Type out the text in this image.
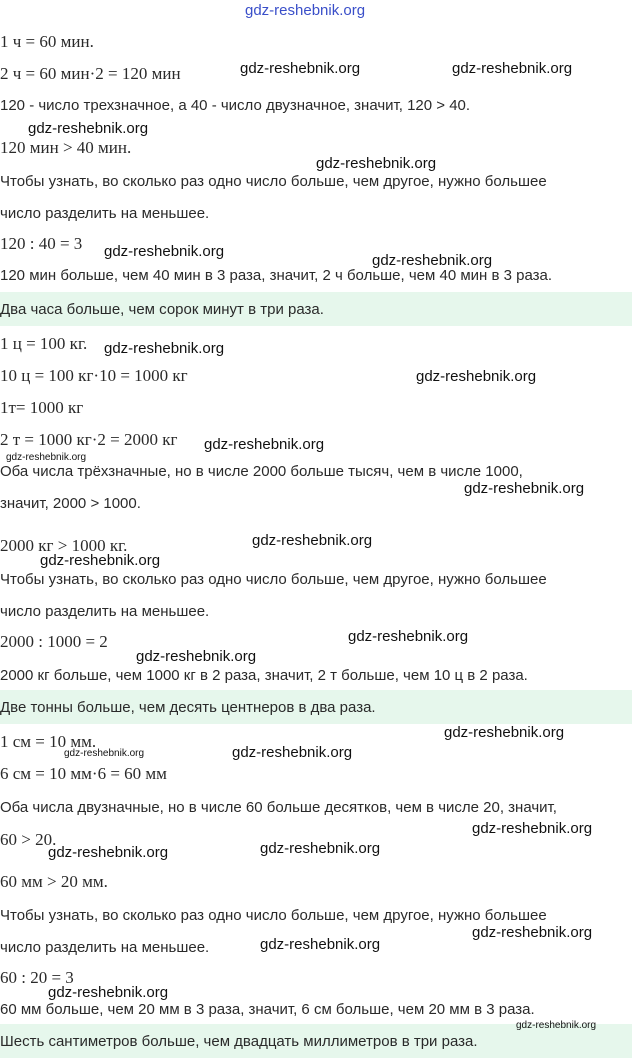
gdz-reshebnik.org
1 ч = 60 мин.
2 ч = 60 мин·2 = 120 мин
120 - число трехзначное, а 40 - число двузначное, значит, 120 > 40.
120 мин > 40 мин.
Чтобы узнать, во сколько раз одно число больше, чем другое, нужно большее
число разделить на меньшее.
120 : 40 = 3
120 мин больше, чем 40 мин в 3 раза, значит, 2 ч больше, чем 40 мин в 3 раза.
Два часа больше, чем сорок минут в три раза.
1 ц = 100 кг.
10 ц = 100 кг·10 = 1000 кг
1т= 1000 кг
2 т = 1000 кг·2 = 2000 кг
Оба числа трёхзначные, но в числе 2000 больше тысяч, чем в числе 1000,
значит, 2000 > 1000.
2000 кг > 1000 кг.
Чтобы узнать, во сколько раз одно число больше, чем другое, нужно большее
число разделить на меньшее.
2000 : 1000 = 2
2000 кг больше, чем 1000 кг в 2 раза, значит, 2 т больше, чем 10 ц в 2 раза.
Две тонны больше, чем десять центнеров в два раза.
1 см = 10 мм.
6 см = 10 мм·6 = 60 мм
Оба числа двузначные, но в числе 60 больше десятков, чем в числе 20, значит,
60 > 20.
60 мм > 20 мм.
Чтобы узнать, во сколько раз одно число больше, чем другое, нужно большее
число разделить на меньшее.
60 : 20 = 3
60 мм больше, чем 20 мм в 3 раза, значит, 6 см больше, чем 20 мм в 3 раза.
Шесть сантиметров больше, чем двадцать миллиметров в три раза.
gdz-reshebnik.org	gdz-reshebnik.org
gdz-reshebnik.org
gdz-reshebnik.org
gdz-reshebnik.org
gdz-reshebnik.org
gdz-reshebnik.org
gdz-reshebnik.org
gdz-reshebnik.org
gdz-reshebnik.org
gdz-reshebnik.org
gdz-reshebnik.org
gdz-reshebnik.org
gdz-reshebnik.org
gdz-reshebnik.org
gdz-reshebnik.org
gdz-reshebnik.org
gdz-reshebnik.org
gdz-reshebnik.org
gdz-reshebnik.org	gdz-reshebnik.org
gdz-reshebnik.org
gdz-reshebnik.org
gdz-reshebnik.org
gdz-reshebnik.org
